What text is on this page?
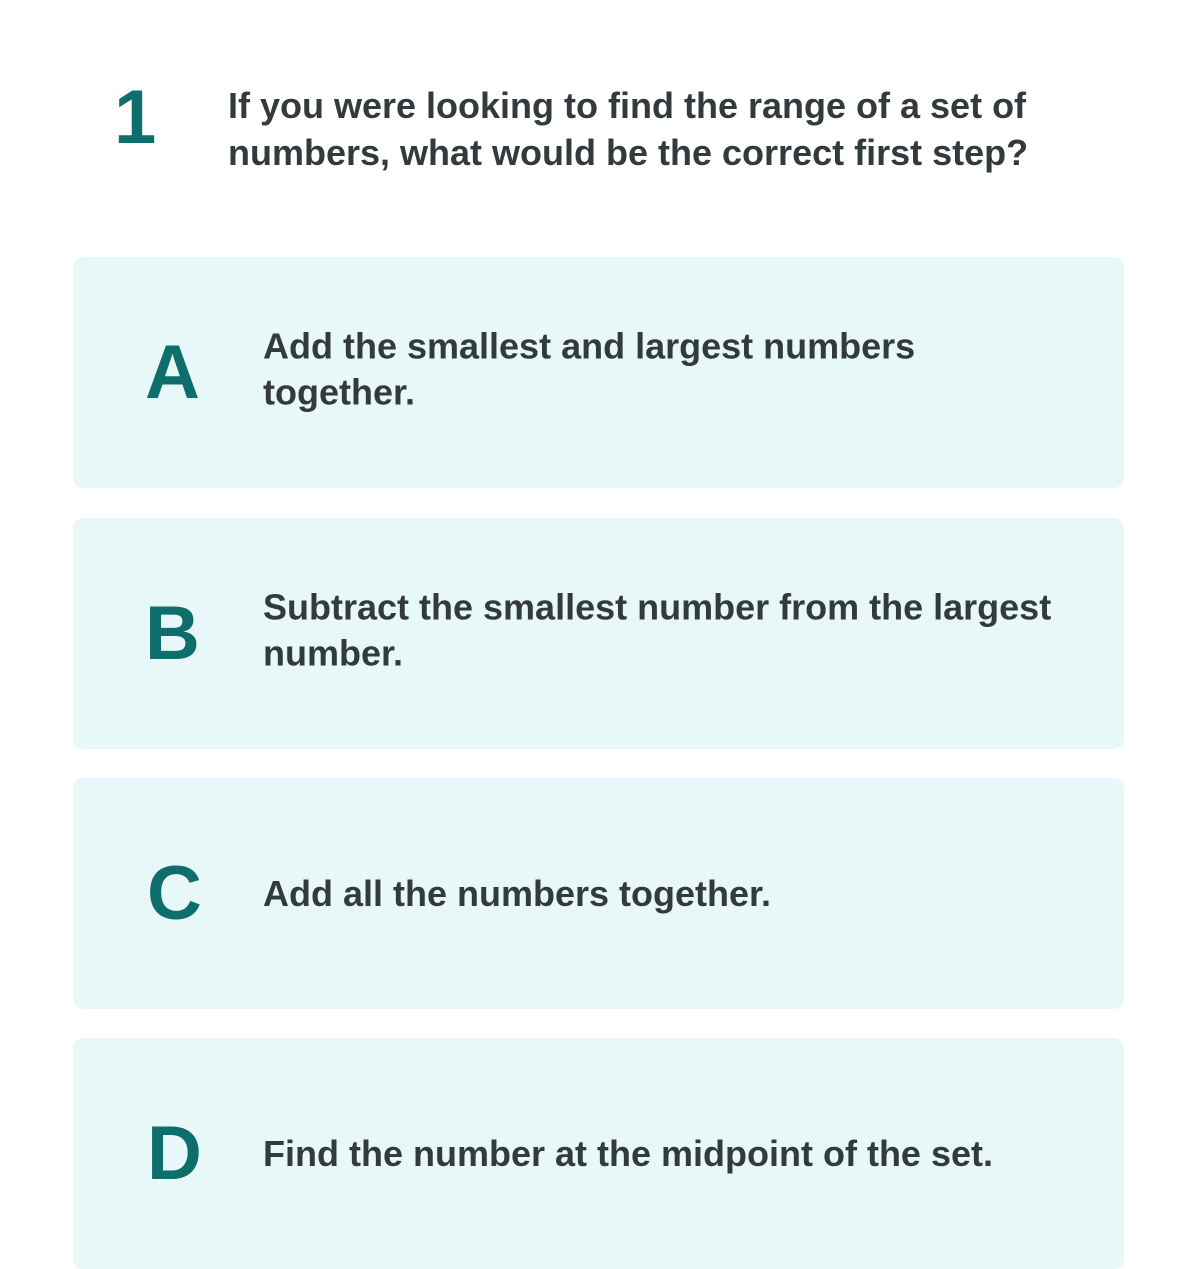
1 If you were looking to find the range of a set of numbers, what would be the correct first step?
A Add the smallest and largest numbers together.
B Subtract the smallest number from the largest number.
C Add all the numbers together.
D Find the number at the midpoint of the set.
